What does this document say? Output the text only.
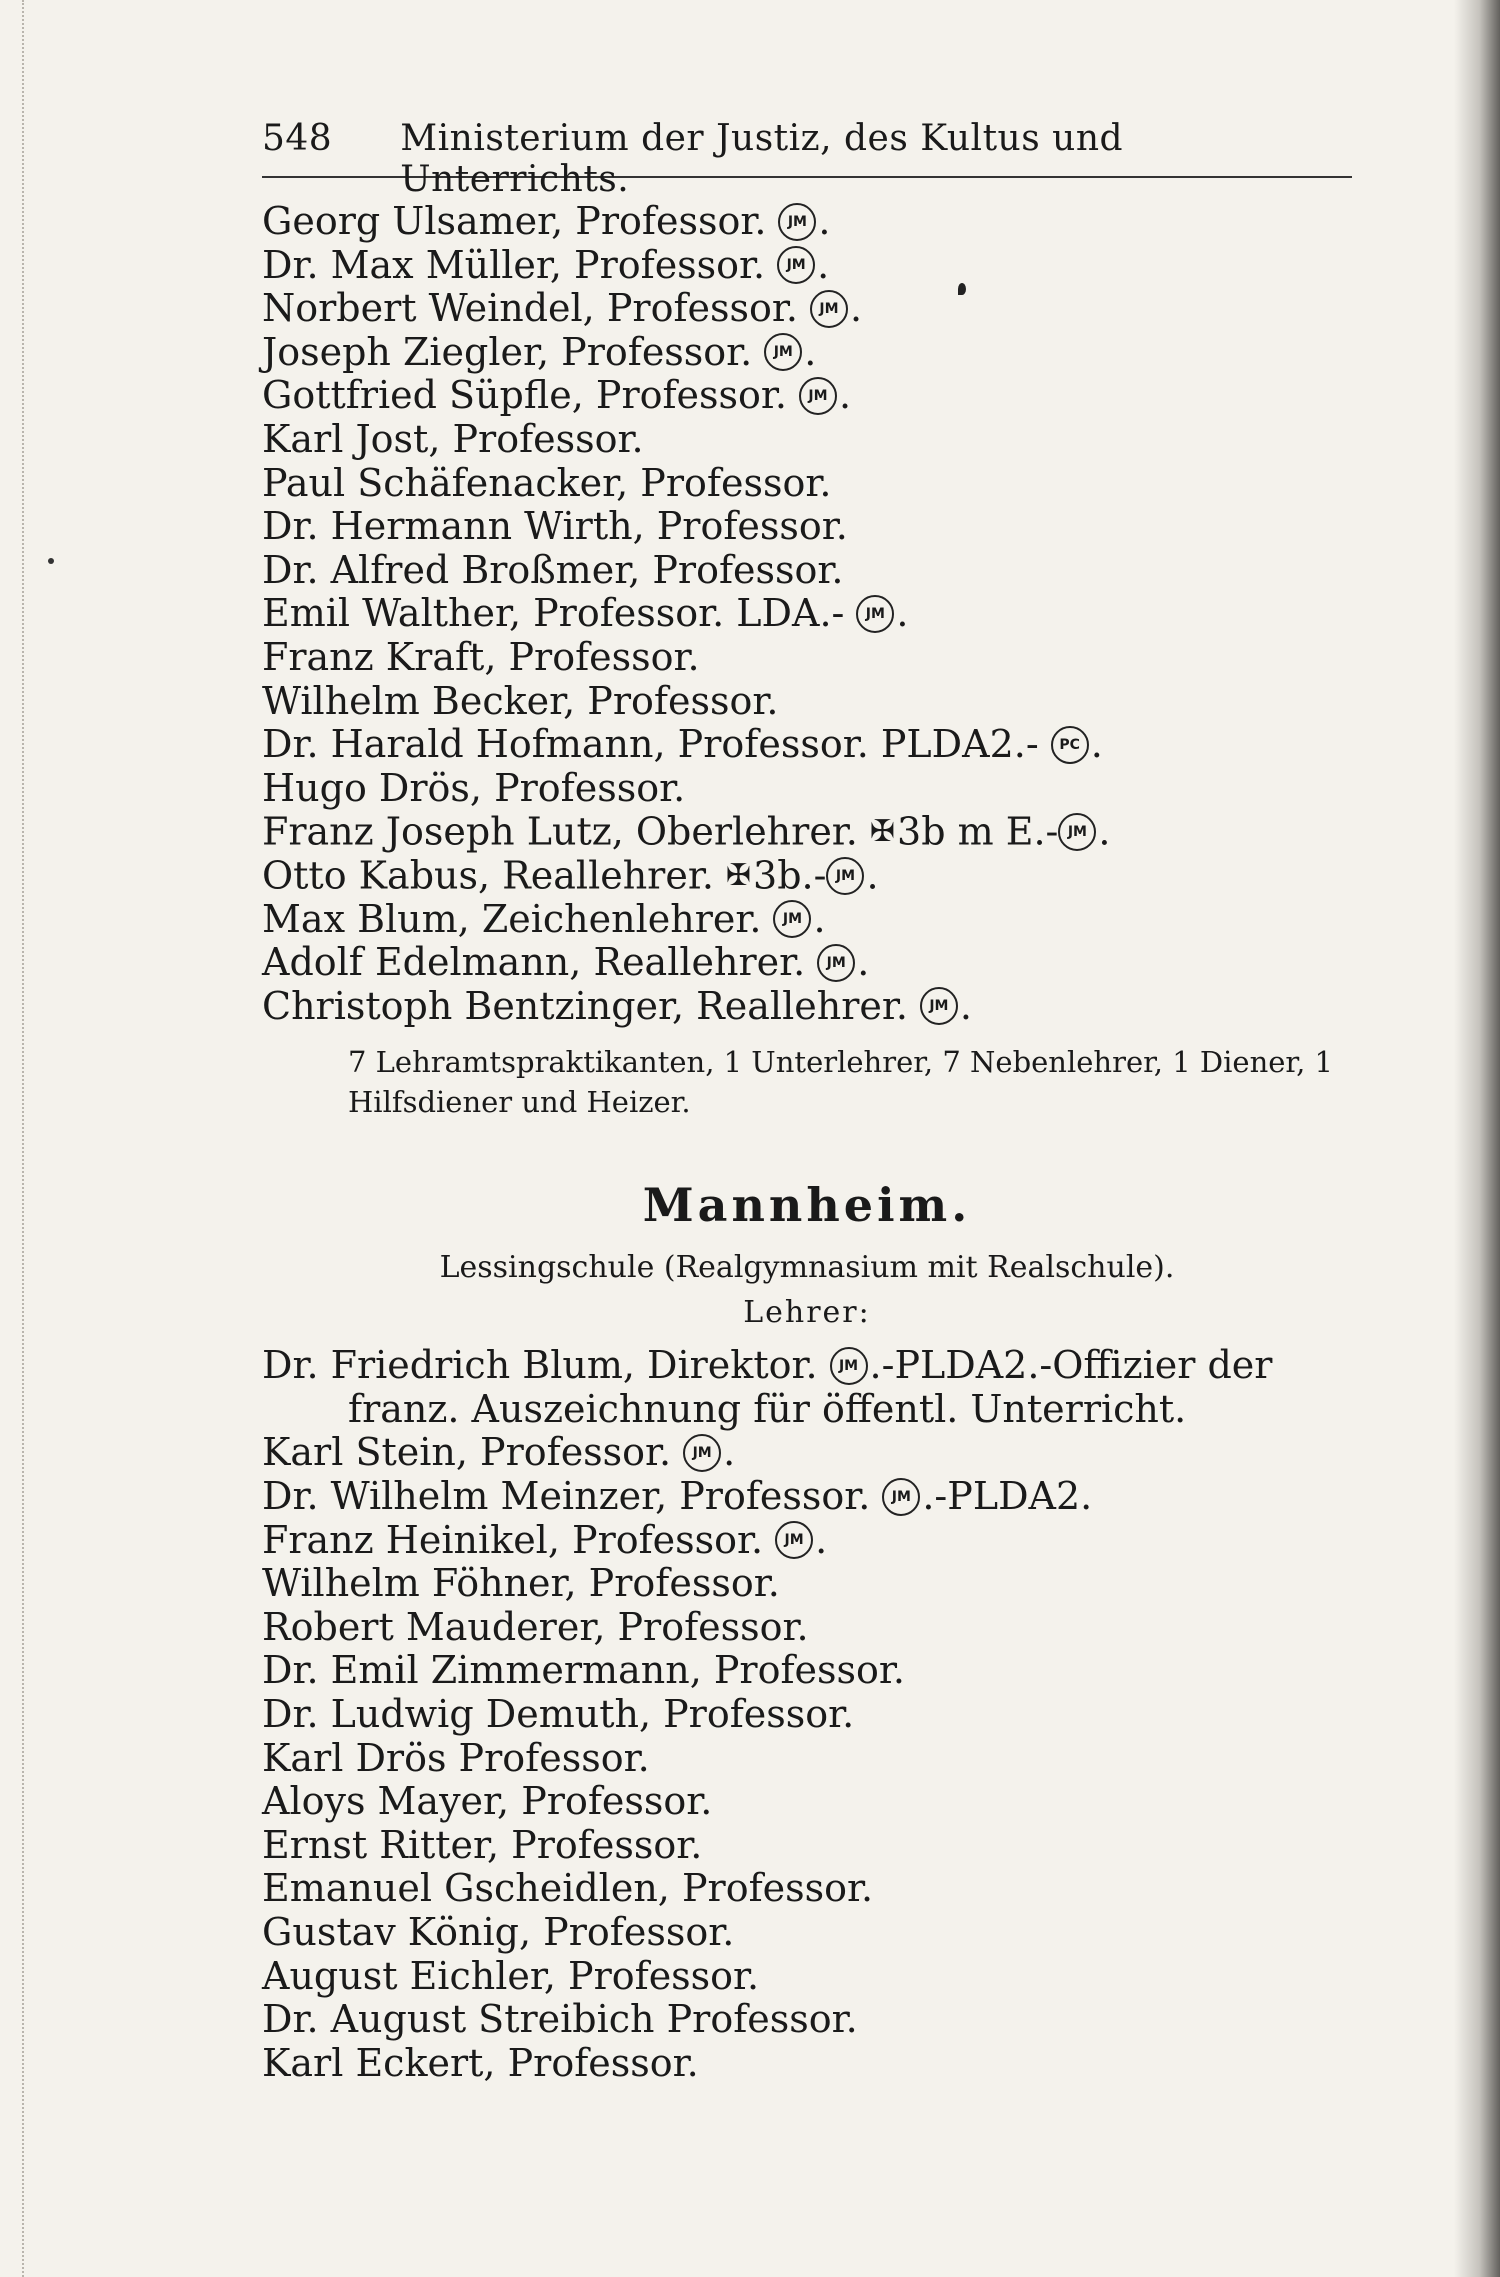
548	Ministerium der Justiz, des Kultus und Unterrichts.
Georg Ulsamer, Professor. JM .
Dr. Max Müller, Professor. JM .
Norbert Weindel, Professor. JM .
Joseph Ziegler, Professor. JM .
Gottfried Süpfle, Professor. JM .
Karl Jost, Professor.
Paul Schäfenacker, Professor.
Dr. Hermann Wirth, Professor.
Dr. Alfred Broßmer, Professor.
Emil Walther, Professor. LDA.- JM .
Franz Kraft, Professor.
Wilhelm Becker, Professor.
Dr. Harald Hofmann, Professor. PLDA2.- PC .
Hugo Drös, Professor.
Franz Joseph Lutz, Oberlehrer. ✠3b m E.- JM .
Otto Kabus, Reallehrer. ✠3b.- JM .
Max Blum, Zeichenlehrer. JM .
Adolf Edelmann, Reallehrer. JM .
Christoph Bentzinger, Reallehrer. JM .
7 Lehramtspraktikanten, 1 Unterlehrer, 7 Nebenlehrer, 1 Diener, 1 Hilfsdiener und Heizer.
Mannheim.
Lessingschule (Realgymnasium mit Realschule).
Lehrer:
Dr. Friedrich Blum, Direktor. JM .-PLDA2.-Offizier der
franz. Auszeichnung für öffentl. Unterricht.
Karl Stein, Professor. JM .
Dr. Wilhelm Meinzer, Professor. JM .-PLDA2.
Franz Heinikel, Professor. JM .
Wilhelm Föhner, Professor.
Robert Mauderer, Professor.
Dr. Emil Zimmermann, Professor.
Dr. Ludwig Demuth, Professor.
Karl Drös Professor.
Aloys Mayer, Professor.
Ernst Ritter, Professor.
Emanuel Gscheidlen, Professor.
Gustav König, Professor.
August Eichler, Professor.
Dr. August Streibich Professor.
Karl Eckert, Professor.
